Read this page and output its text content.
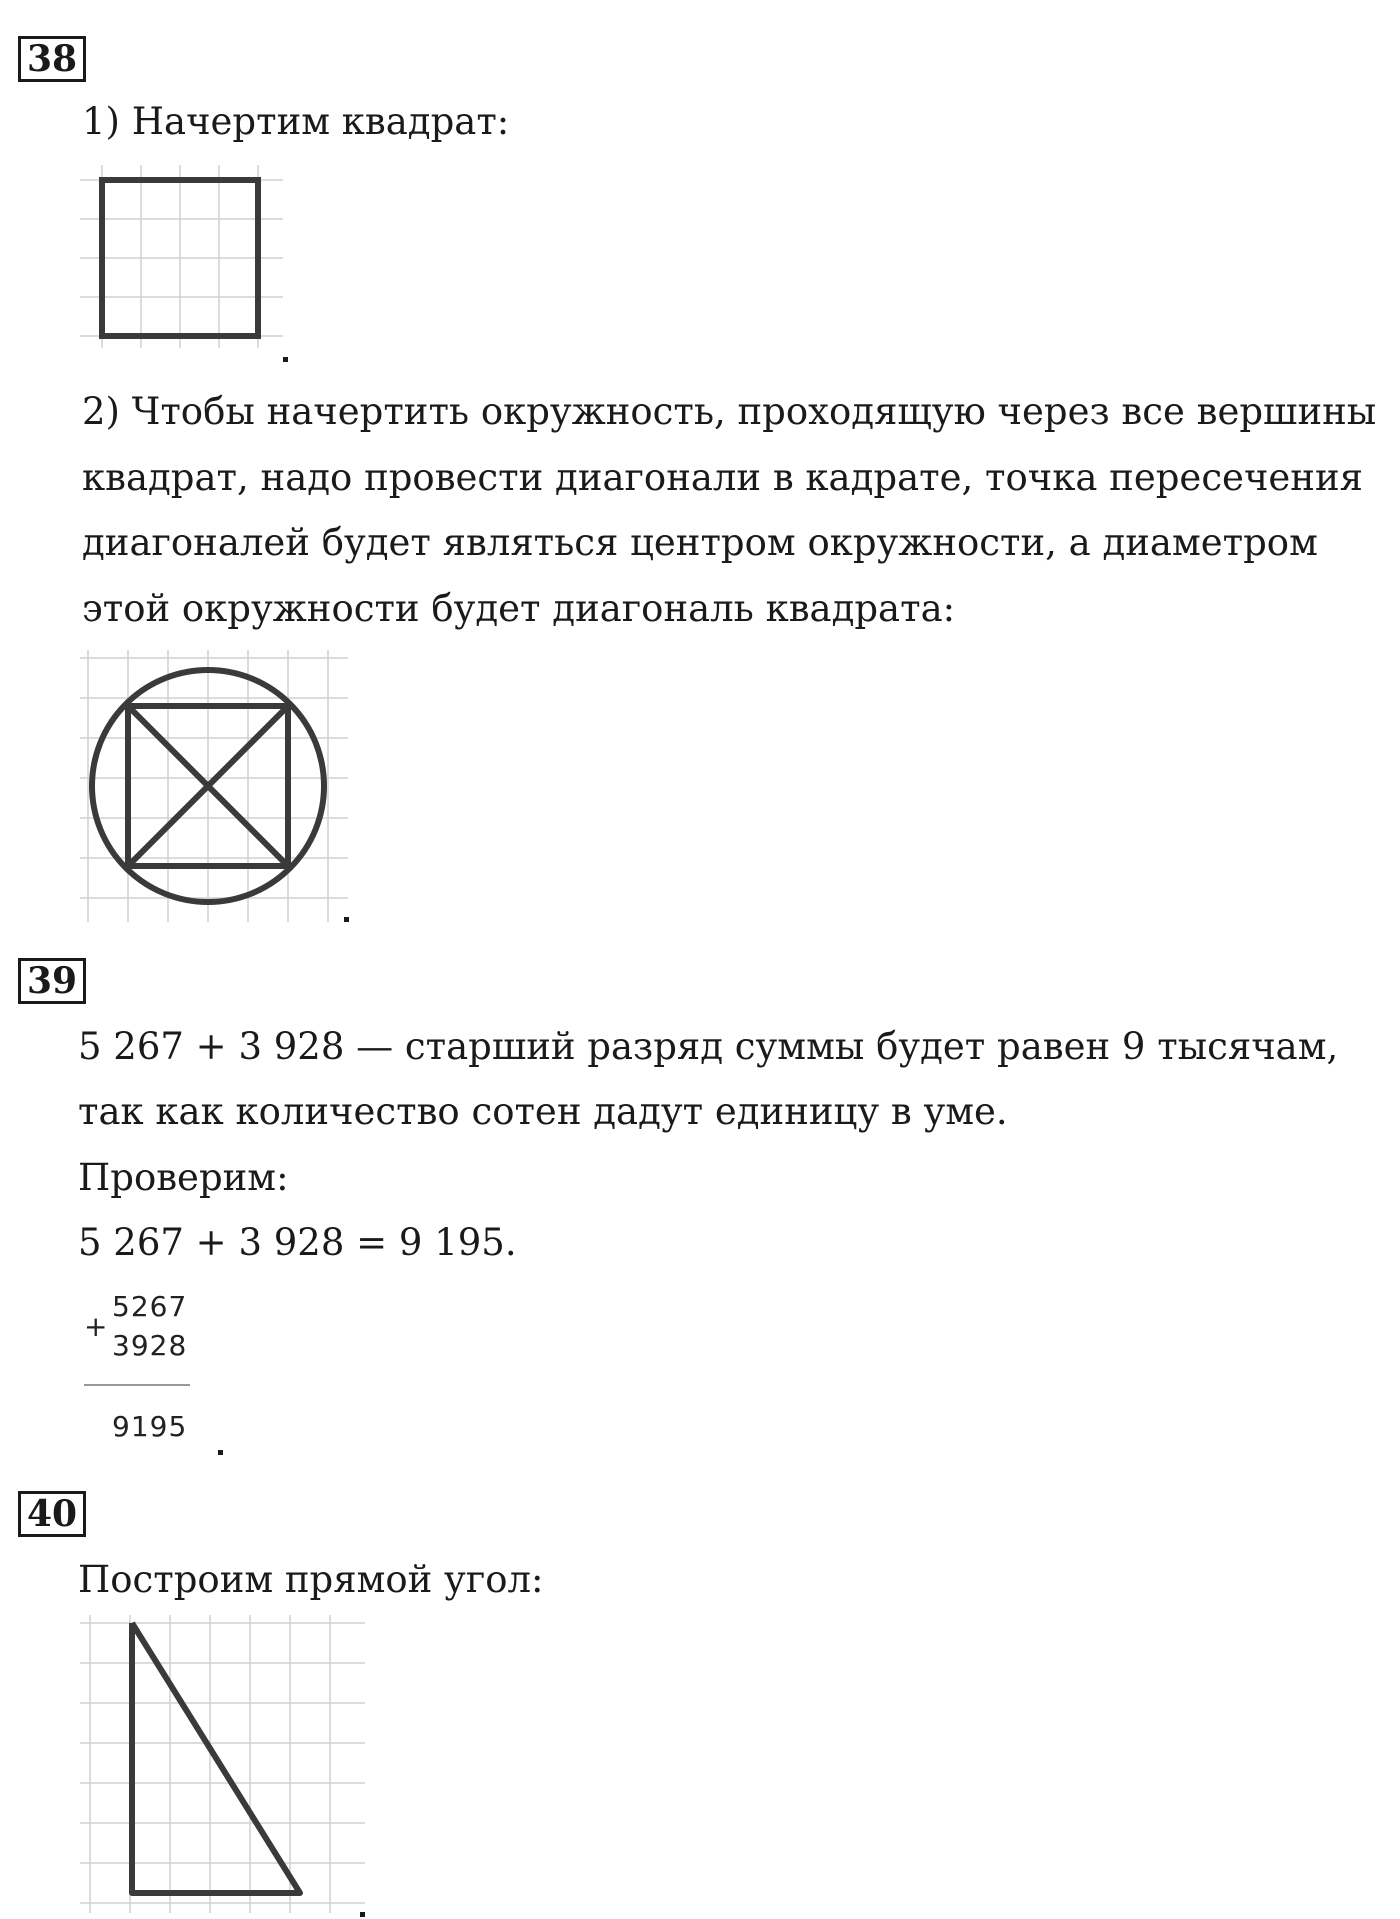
38
1) Начертим квадрат:
2) Чтобы начертить окружность, проходящую через все вершины
квадрат, надо провести диагонали в кадрате, точка пересечения
диагоналей будет являться центром окружности, а диаметром
этой окружности будет диагональ квадрата:
39
5 267 + 3 928 — старший разряд суммы будет равен 9 тысячам,
так как количество сотен дадут единицу в уме.
Проверим:
5 267 + 3 928 = 9 195.
+
5267
3928
9195
40
Построим прямой угол:
